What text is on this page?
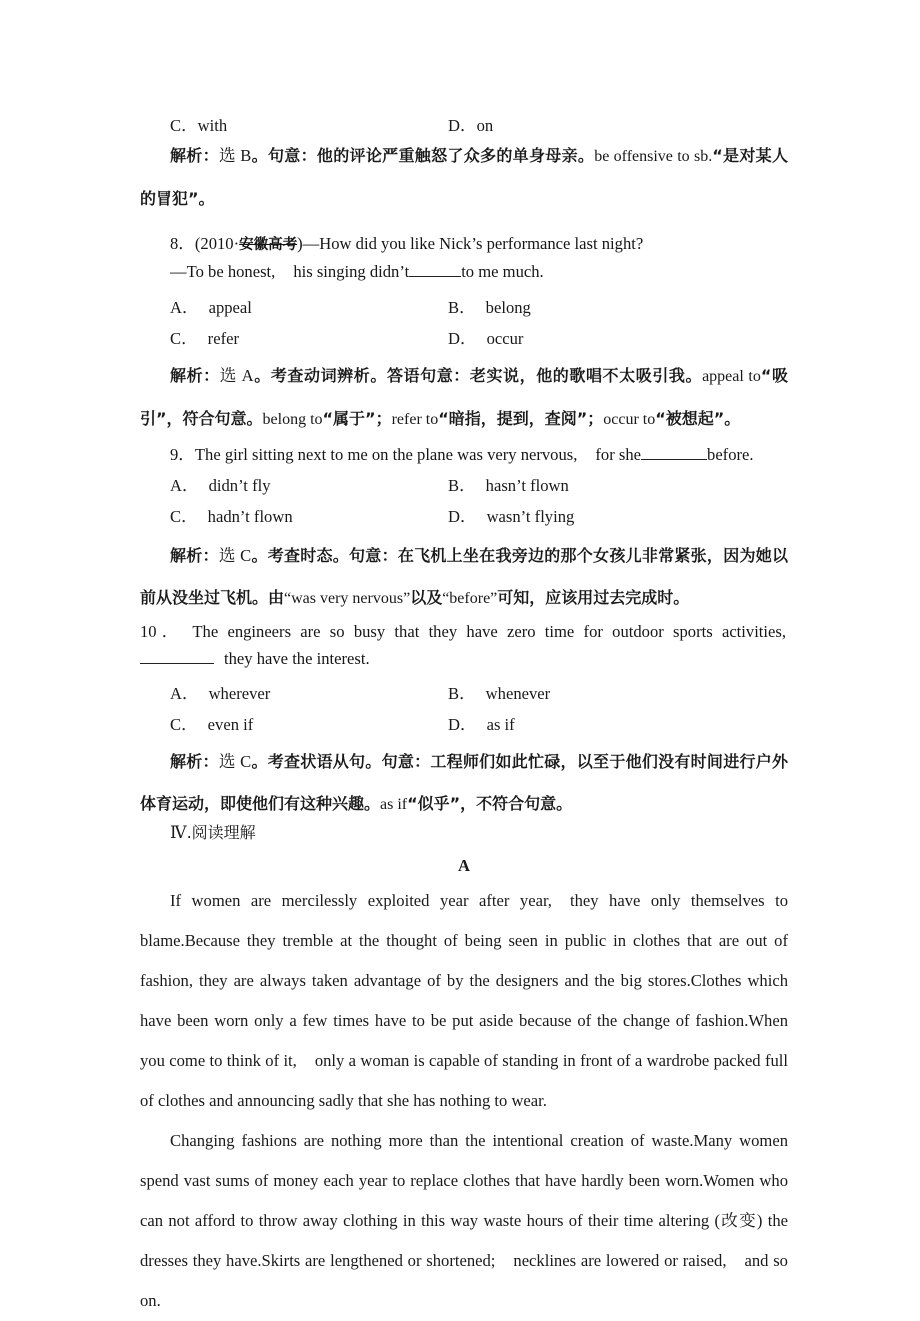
C．with	D．on
解析：选 B。句意：他的评论严重触怒了众多的单身母亲。be offensive to sb.“是对某人的冒犯”。
8．(2010·安徽高考)—How did you like Nick’s performance last night?
—To be honest, his singing didn’t	to me much.
A． appeal	B． belong
C． refer	D． occur
解析：选 A。考查动词辨析。答语句意：老实说，他的歌唱不太吸引我。appeal to“吸引”，符合句意。belong to“属于”；refer to“暗指，提到，查阅”；occur to“被想起”。
9．The girl sitting next to me on the plane was very nervous, for she	before.
A． didn’t fly	B． hasn’t flown
C． hadn’t flown	D． wasn’t flying
解析：选 C。考查时态。句意：在飞机上坐在我旁边的那个女孩儿非常紧张，因为她以前从没坐过飞机。由“was very nervous”以及“before”可知，应该用过去完成时。
10． The engineers are so busy that they have zero time for outdoor sports activities,
they have the interest.
A． wherever	B． whenever
C． even if	D． as if
解析：选 C。考查状语从句。句意：工程师们如此忙碌，以至于他们没有时间进行户外体育运动，即使他们有这种兴趣。as if“似乎”，不符合句意。
Ⅳ.阅读理解
A

If women are mercilessly exploited year after year, they have only themselves to blame.Because they tremble at the thought of being seen in public in clothes that are out of fashion, they are always taken advantage of by the designers and the big stores.Clothes which have been worn only a few times have to be put aside because of the change of fashion.When you come to think of it, only a woman is capable of standing in front of a wardrobe packed full of clothes and announcing sadly that she has nothing to wear.

Changing fashions are nothing more than the intentional creation of waste.Many women spend vast sums of money each year to replace clothes that have hardly been worn.Women who can not afford to throw away clothing in this way waste hours of their time altering (改变) the dresses they have.Skirts are lengthened or shortened; necklines are lowered or raised, and so on.
